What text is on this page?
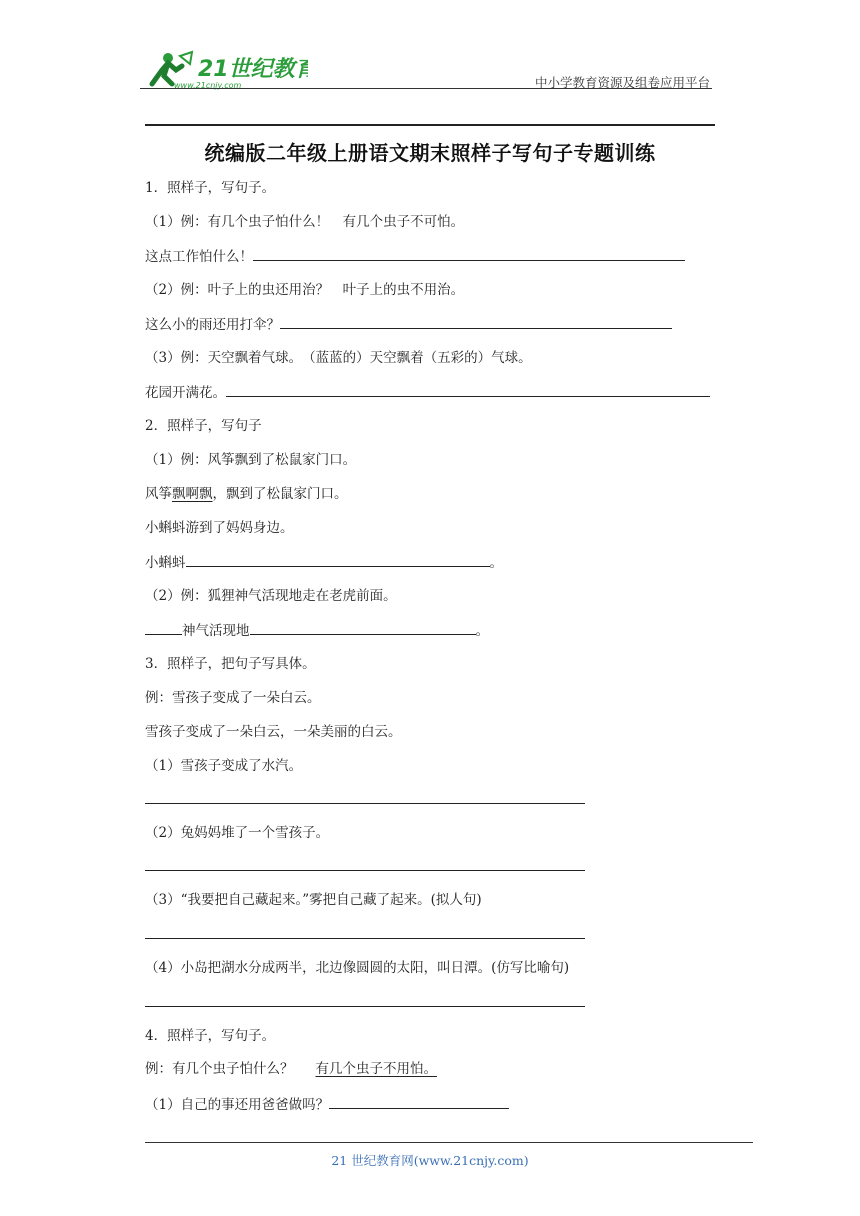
21世纪教育
www.21cnjy.com	中小学教育资源及组卷应用平台
统编版二年级上册语文期末照样子写句子专题训练
1．照样子，写句子。
（1）例：有几个虫子怕什么！　有几个虫子不可怕。
这点工作怕什么！
（2）例：叶子上的虫还用治？　叶子上的虫不用治。
这么小的雨还用打伞？
（3）例：天空飘着气球。　（蓝蓝的）天空飘着（五彩的）气球。
花园开满花。
2．照样子，写句子
（1）例：风筝飘到了松鼠家门口。
风筝飘啊飘，飘到了松鼠家门口。
小蝌蚪游到了妈妈身边。
小蝌蚪	。
（2）例：狐狸神气活现地走在老虎前面。
神气活现地	。
3．照样子，把句子写具体。
例：雪孩子变成了一朵白云。
雪孩子变成了一朵白云，一朵美丽的白云。
（1）雪孩子变成了水汽。
（2）兔妈妈堆了一个雪孩子。
（3）“我要把自己藏起来。”雾把自己藏了起来。(拟人句)
（4）小岛把湖水分成两半，北边像圆圆的太阳，叫日潭。(仿写比喻句)
4．照样子，写句子。
例：有几个虫子怕什么？ 有几个虫子不用怕。
（1）自己的事还用爸爸做吗？
21 世纪教育网(www.21cnjy.com)
